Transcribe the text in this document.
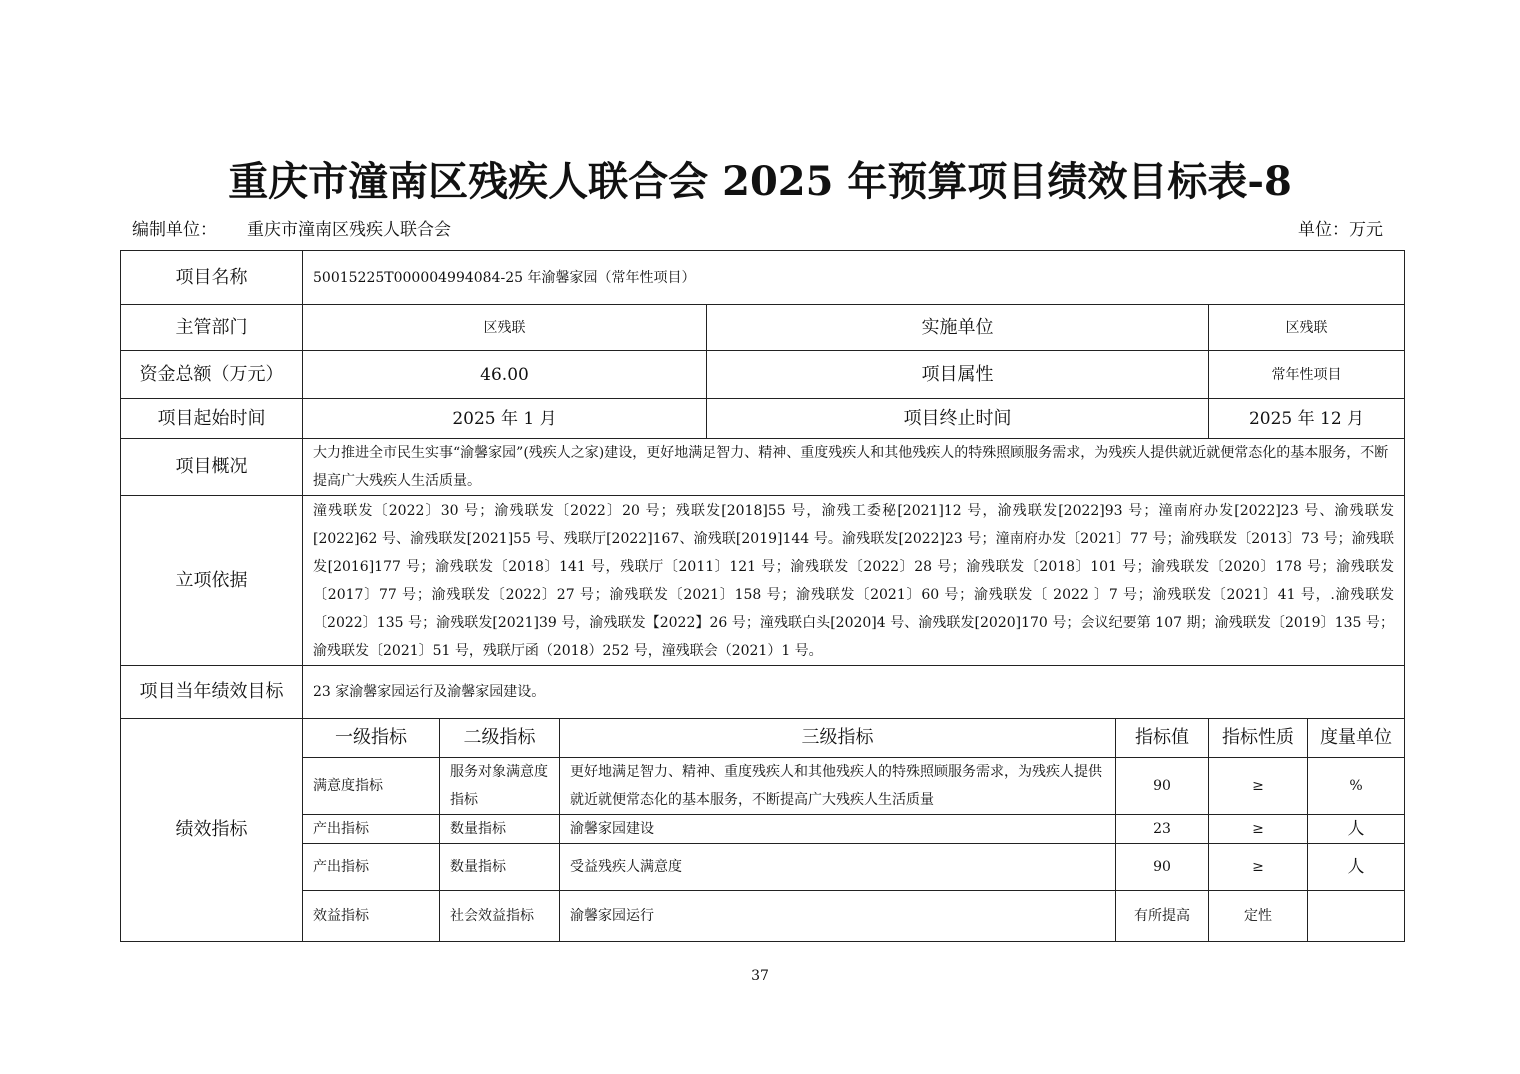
重庆市潼南区残疾人联合会 2025 年预算项目绩效目标表-8
编制单位： 重庆市潼南区残疾人联合会	单位：万元
项目名称	50015225T000004994084-25 年渝馨家园（常年性项目）						
主管部门	区残联			实施单位		区残联	
资金总额（万元）	46.00			项目属性		常年性项目	
项目起始时间	2025 年 1 月			项目终止时间		2025 年 12 月	
项目概况	大力推进全市民生实事“渝馨家园”(残疾人之家)建设，更好地满足智力、精神、重度残疾人和其他残疾人的特殊照顾服务需求，为残疾人提供就近就便常态化的基本服务，不断提高广大残疾人生活质量。						
立项依据	潼残联发〔2022〕30 号；渝残联发〔2022〕20 号；残联发[2018]55 号，渝残工委秘[2021]12 号，渝残联发[2022]93 号；潼南府办发[2022]23 号、渝残联发[2022]62 号、渝残联发[2021]55 号、残联厅[2022]167、渝残联[2019]144 号。渝残联发[2022]23 号；潼南府办发〔2021〕77 号；渝残联发〔2013〕73 号；渝残联发[2016]177 号；渝残联发〔2018〕141 号，残联厅〔2011〕121 号；渝残联发〔2022〕28 号；渝残联发〔2018〕101 号；渝残联发〔2020〕178 号；渝残联发〔2017〕77 号；渝残联发〔2022〕27 号；渝残联发〔2021〕158 号；渝残联发〔2021〕60 号；渝残联发〔 2022 〕7 号；渝残联发〔2021〕41 号，.渝残联发〔2022〕135 号；渝残联发[2021]39 号，渝残联发【2022】26 号；潼残联白头[2020]4 号、渝残联发[2020]170 号；会议纪要第 107 期；渝残联发〔2019〕135 号；渝残联发〔2021〕51 号，残联厅函（2018）252 号，潼残联会（2021）1 号。						
项目当年绩效目标	23 家渝馨家园运行及渝馨家园建设。						
绩效指标	一级指标	二级指标	三级指标		指标值	指标性质	度量单位
	满意度指标	服务对象满意度指标	更好地满足智力、精神、重度残疾人和其他残疾人的特殊照顾服务需求，为残疾人提供就近就便常态化的基本服务，不断提高广大残疾人生活质量		90	≥	%
	产出指标	数量指标	渝馨家园建设		23	≥	人
	产出指标	数量指标	受益残疾人满意度		90	≥	人
	效益指标	社会效益指标	渝馨家园运行		有所提高	定性	
37
